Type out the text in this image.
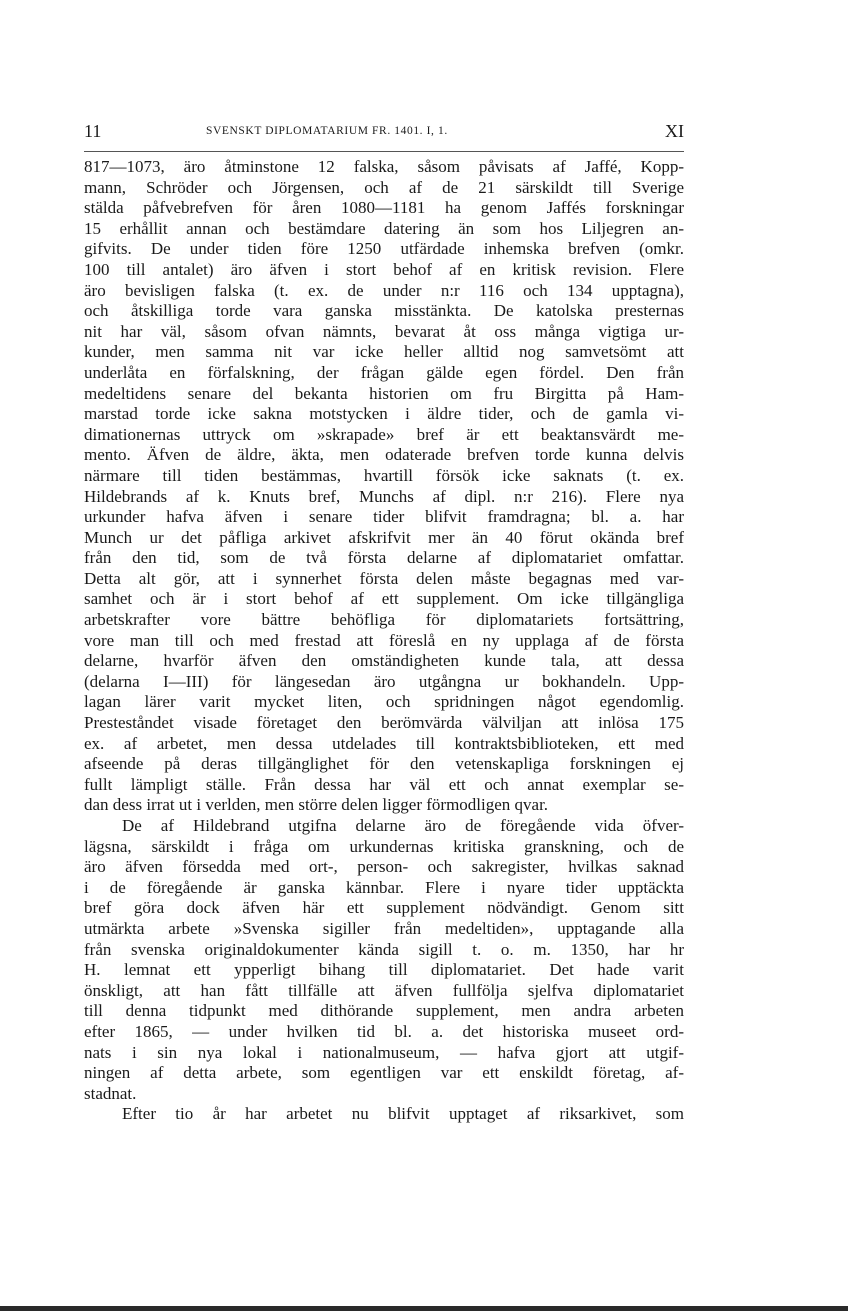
11	SVENSKT DIPLOMATARIUM FR. 1401. I, 1.	XI
817—1073, äro åtminstone 12 falska, såsom påvisats af Jaffé, Kopp-
mann, Schröder och Jörgensen, och af de 21 särskildt till Sverige
stälda påfvebrefven för åren 1080—1181 ha genom Jaffés forskningar
15 erhållit annan och bestämdare datering än som hos Liljegren an-
gifvits. De under tiden före 1250 utfärdade inhemska brefven (omkr.
100 till antalet) äro äfven i stort behof af en kritisk revision. Flere
äro bevisligen falska (t. ex. de under n:r 116 och 134 upptagna),
och åtskilliga torde vara ganska misstänkta. De katolska presternas
nit har väl, såsom ofvan nämnts, bevarat åt oss många vigtiga ur-
kunder, men samma nit var icke heller alltid nog samvetsömt att
underlåta en förfalskning, der frågan gälde egen fördel. Den från
medeltidens senare del bekanta historien om fru Birgitta på Ham-
marstad torde icke sakna motstycken i äldre tider, och de gamla vi-
dimationernas uttryck om »skrapade» bref är ett beaktansvärdt me-
mento. Äfven de äldre, äkta, men odaterade brefven torde kunna delvis
närmare till tiden bestämmas, hvartill försök icke saknats (t. ex.
Hildebrands af k. Knuts bref, Munchs af dipl. n:r 216). Flere nya
urkunder hafva äfven i senare tider blifvit framdragna; bl. a. har
Munch ur det påfliga arkivet afskrifvit mer än 40 förut okända bref
från den tid, som de två första delarne af diplomatariet omfattar.
Detta alt gör, att i synnerhet första delen måste begagnas med var-
samhet och är i stort behof af ett supplement. Om icke tillgängliga
arbetskrafter vore bättre behöfliga för diplomatariets fortsättring,
vore man till och med frestad att föreslå en ny upplaga af de första
delarne, hvarför äfven den omständigheten kunde tala, att dessa
(delarna I—III) för längesedan äro utgångna ur bokhandeln. Upp-
lagan lärer varit mycket liten, och spridningen något egendomlig.
Presteståndet visade företaget den berömvärda välviljan att inlösa 175
ex. af arbetet, men dessa utdelades till kontraktsbiblioteken, ett med
afseende på deras tillgänglighet för den vetenskapliga forskningen ej
fullt lämpligt ställe. Från dessa har väl ett och annat exemplar se-
dan dess irrat ut i verlden, men större delen ligger förmodligen qvar.
De af Hildebrand utgifna delarne äro de föregående vida öfver-
lägsna, särskildt i fråga om urkundernas kritiska granskning, och de
äro äfven försedda med ort-, person- och sakregister, hvilkas saknad
i de föregående är ganska kännbar. Flere i nyare tider upptäckta
bref göra dock äfven här ett supplement nödvändigt. Genom sitt
utmärkta arbete »Svenska sigiller från medeltiden», upptagande alla
från svenska originaldokumenter kända sigill t. o. m. 1350, har hr
H. lemnat ett ypperligt bihang till diplomatariet. Det hade varit
önskligt, att han fått tillfälle att äfven fullfölja sjelfva diplomatariet
till denna tidpunkt med dithörande supplement, men andra arbeten
efter 1865, — under hvilken tid bl. a. det historiska museet ord-
nats i sin nya lokal i nationalmuseum, — hafva gjort att utgif-
ningen af detta arbete, som egentligen var ett enskildt företag, af-
stadnat.
Efter tio år har arbetet nu blifvit upptaget af riksarkivet, som
